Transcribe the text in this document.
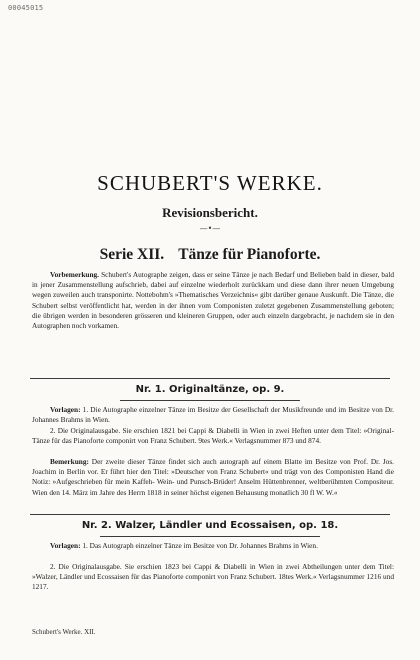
00045015
SCHUBERT'S WERKE.
Revisionsbericht.
—•—
Serie XII. Tänze für Pianoforte.
Vorbemerkung. Schubert's Autographe zeigen, dass er seine Tänze je nach Bedarf und Belieben bald in dieser, bald in jener Zusammenstellung aufschrieb, dabei auf einzelne wiederholt zurückkam und diese dann ihrer neuen Umgebung wegen zuweilen auch transponirte. Nottebohm's »Thematisches Verzeichnis« gibt darüber genaue Auskunft. Die Tänze, die Schubert selbst veröffentlicht hat, werden in der ihnen vom Componisten zuletzt gegebenen Zusammenstellung geboten; die übrigen werden in besonderen grösseren und kleineren Gruppen, oder auch einzeln dargebracht, je nachdem sie in den Autographen noch vorkamen.
Nr. 1. Originaltänze, op. 9.
Vorlagen: 1. Die Autographe einzelner Tänze im Besitze der Gesellschaft der Musikfreunde und im Besitze von Dr. Johannes Brahms in Wien.
2. Die Originalausgabe. Sie erschien 1821 bei Cappi & Diabelli in Wien in zwei Heften unter dem Titel: »Original-Tänze für das Pianoforte componirt von Franz Schubert. 9tes Werk.« Verlagsnummer 873 und 874.
Bemerkung: Der zweite dieser Tänze findet sich auch autograph auf einem Blatte im Besitze von Prof. Dr. Jos. Joachim in Berlin vor. Er führt hier den Titel: »Deutscher von Franz Schubert« und trägt von des Componisten Hand die Notiz: »Aufgeschrieben für mein Kaffeh- Wein- und Punsch-Brüder! Anselm Hüttenbrenner, weltberühmten Compositeur. Wien den 14. März im Jahre des Herrn 1818 in seiner höchst eigenen Behausung monatlich 30 fl W. W.«
Nr. 2. Walzer, Ländler und Ecossaisen, op. 18.
Vorlagen: 1. Das Autograph einzelner Tänze im Besitze von Dr. Johannes Brahms in Wien.
2. Die Originalausgabe. Sie erschien 1823 bei Cappi & Diabelli in Wien in zwei Abtheilungen unter dem Titel: »Walzer, Ländler und Ecossaisen für das Pianoforte componirt von Franz Schubert. 18tes Werk.« Verlagsnummer 1216 und 1217.
Schubert's Werke. XII.
